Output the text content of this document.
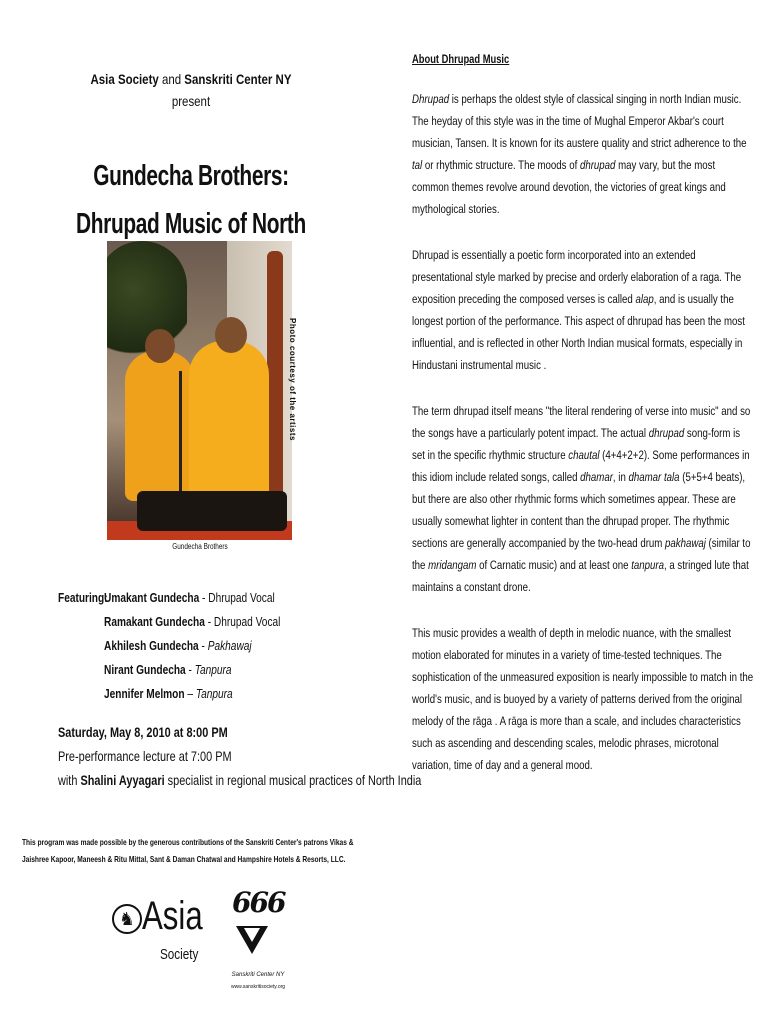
Asia Society and Sanskriti Center NY
present
Gundecha Brothers:
Dhrupad Music of North
Photo courtesy of the artists
Gundecha Brothers
Featuring:
Umakant Gundecha - Dhrupad Vocal
Ramakant Gundecha - Dhrupad Vocal
Akhilesh Gundecha - Pakhawaj
Nirant Gundecha - Tanpura
Jennifer Melmon – Tanpura
Saturday, May 8, 2010 at 8:00 PM
Pre-performance lecture at 7:00 PM
with Shalini Ayyagari specialist in regional musical practices of North India
This program was made possible by the generous contributions of the Sanskriti Center's patrons Vikas & Jaishree Kapoor, Maneesh & Ritu Mittal, Sant & Daman Chatwal and Hampshire Hotels & Resorts, LLC.
♞ Asia
Society
666
Sanskriti Center NY
www.sanskritisociety.org
About Dhrupad Music
Dhrupad is perhaps the oldest style of classical singing in north Indian music. The heyday of this style was in the time of Mughal Emperor Akbar's court musician, Tansen. It is known for its austere quality and strict adherence to the tal or rhythmic structure. The moods of dhrupad may vary, but the most common themes revolve around devotion, the victories of great kings and mythological stories.
Dhrupad is essentially a poetic form incorporated into an extended presentational style marked by precise and orderly elaboration of a raga. The exposition preceding the composed verses is called alap, and is usually the longest portion of the performance. This aspect of dhrupad has been the most influential, and is reflected in other North Indian musical formats, especially in Hindustani instrumental music .
The term dhrupad itself means "the literal rendering of verse into music" and so the songs have a particularly potent impact. The actual dhrupad song-form is set in the specific rhythmic structure chautal (4+4+2+2). Some performances in this idiom include related songs, called dhamar, in dhamar tala (5+5+4 beats), but there are also other rhythmic forms which sometimes appear. These are usually somewhat lighter in content than the dhrupad proper. The rhythmic sections are generally accompanied by the two-head drum pakhawaj (similar to the mridangam of Carnatic music) and at least one tanpura, a stringed lute that maintains a constant drone.
This music provides a wealth of depth in melodic nuance, with the smallest motion elaborated for minutes in a variety of time-tested techniques. The sophistication of the unmeasured exposition is nearly impossible to match in the world's music, and is buoyed by a variety of patterns derived from the original melody of the rāga . A rāga is more than a scale, and includes characteristics such as ascending and descending scales, melodic phrases, microtonal variation, time of day and a general mood.
